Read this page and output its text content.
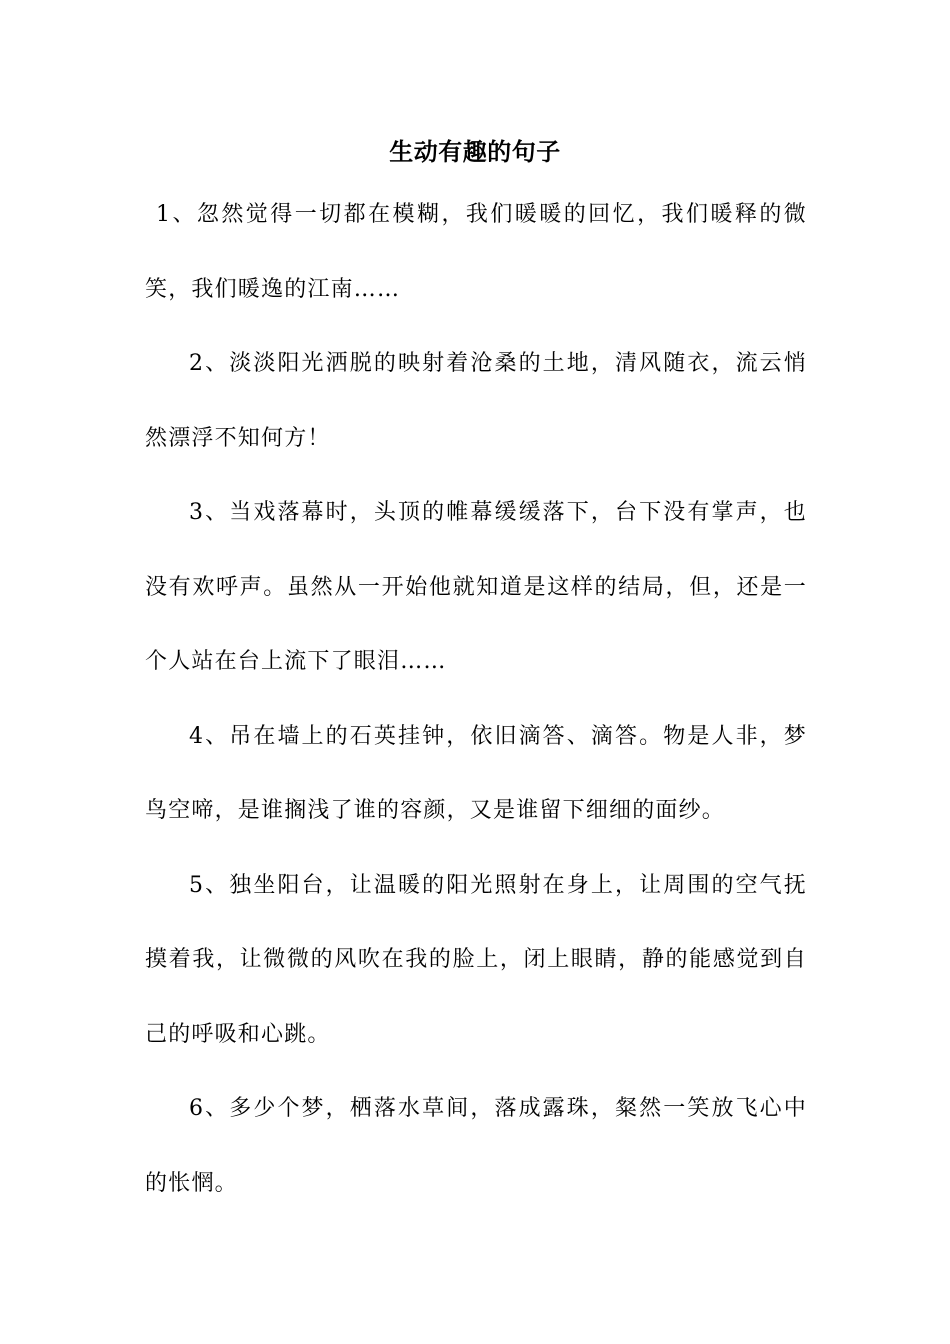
生动有趣的句子

1、忽然觉得一切都在模糊，我们暖暖的回忆，我们暖释的微笑，我们暖逸的江南……

2、淡淡阳光洒脱的映射着沧桑的土地，清风随衣，流云悄然漂浮不知何方！

3、当戏落幕时，头顶的帷幕缓缓落下，台下没有掌声，也没有欢呼声。虽然从一开始他就知道是这样的结局，但，还是一个人站在台上流下了眼泪……

4、吊在墙上的石英挂钟，依旧滴答、滴答。物是人非，梦鸟空啼，是谁搁浅了谁的容颜，又是谁留下细细的面纱。

5、独坐阳台，让温暖的阳光照射在身上，让周围的空气抚摸着我，让微微的风吹在我的脸上，闭上眼睛，静的能感觉到自己的呼吸和心跳。

6、多少个梦，栖落水草间，落成露珠，粲然一笑放飞心中的怅惘。
